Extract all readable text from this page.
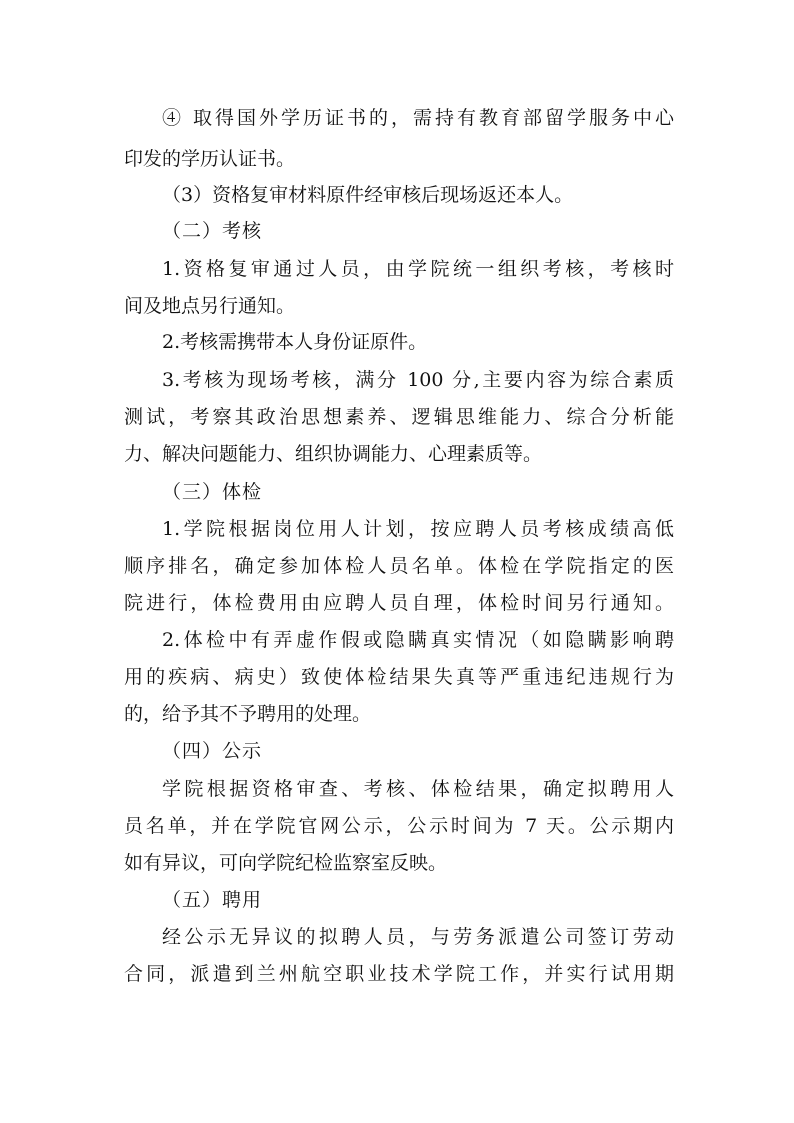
④ 取得国外学历证书的，需持有教育部留学服务中心
印发的学历认证书。
（3）资格复审材料原件经审核后现场返还本人。
（二）考核
1.资格复审通过人员，由学院统一组织考核，考核时
间及地点另行通知。
2.考核需携带本人身份证原件。
3.考核为现场考核，满分 100 分,主要内容为综合素质
测试，考察其政治思想素养、逻辑思维能力、综合分析能
力、解决问题能力、组织协调能力、心理素质等。
（三）体检
1.学院根据岗位用人计划，按应聘人员考核成绩高低
顺序排名，确定参加体检人员名单。体检在学院指定的医
院进行，体检费用由应聘人员自理，体检时间另行通知。
2.体检中有弄虚作假或隐瞒真实情况（如隐瞒影响聘
用的疾病、病史）致使体检结果失真等严重违纪违规行为
的，给予其不予聘用的处理。
（四）公示
学院根据资格审查、考核、体检结果，确定拟聘用人
员名单，并在学院官网公示，公示时间为 7 天。公示期内
如有异议，可向学院纪检监察室反映。
（五）聘用
经公示无异议的拟聘人员，与劳务派遣公司签订劳动
合同，派遣到兰州航空职业技术学院工作，并实行试用期
